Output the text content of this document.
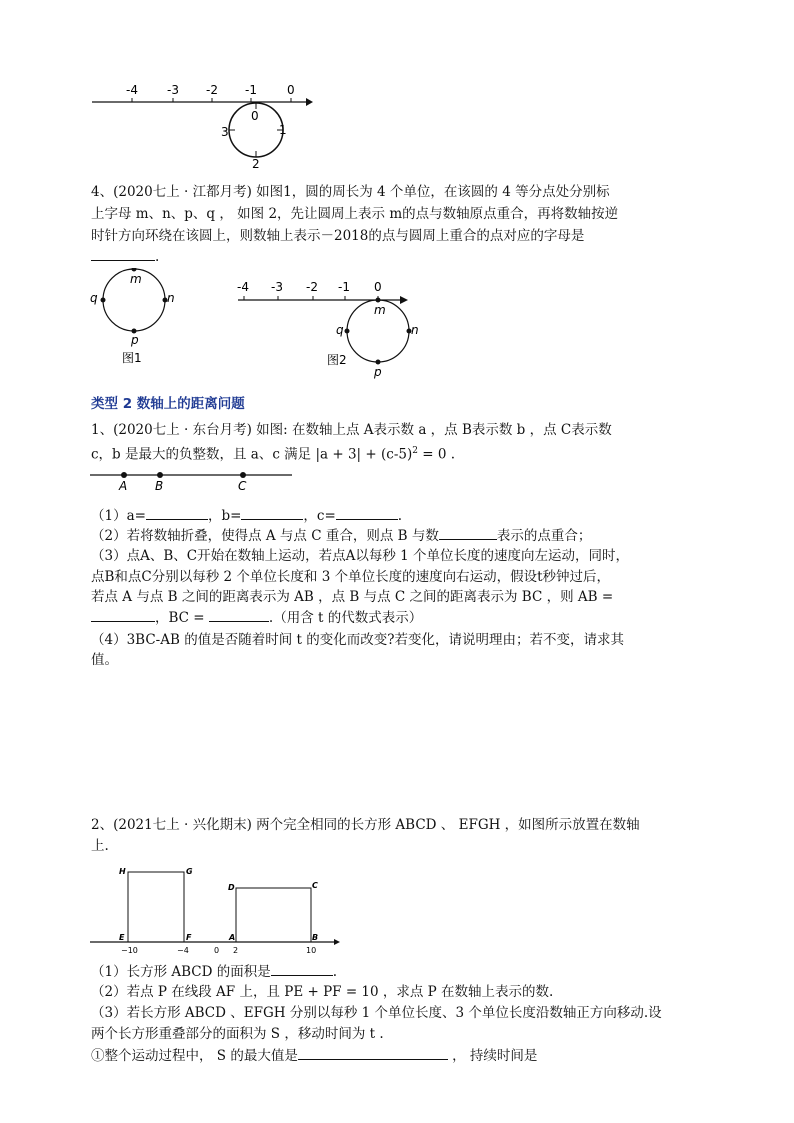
-4 -3 -2 -1	0
0
1
2
3
4、(2020七上 · 江都月考) 如图1，圆的周长为 4 个单位，在该圆的 4 等分点处分别标
上字母 m、n、p、q ， 如图 2，先让圆周上表示 m的点与数轴原点重合，再将数轴按逆
时针方向环绕在该圆上，则数轴上表示－2018的点与圆周上重合的点对应的字母是
.
m
n
p
q
图1
-4 -3 -2 -1 0
m
n
p
q
图2
类型 2 数轴上的距离问题
1、(2020七上 · 东台月考) 如图: 在数轴上点 A表示数 a ，点 B表示数 b ，点 C表示数
c，b 是最大的负整数，且 a、c 满足 $|a + 3| + (c-5)^2 = 0$ .
A B	C
（1）a=	，b=	，c=	.
（2）若将数轴折叠，使得点 A 与点 C 重合，则点 B 与数	表示的点重合；
（3）点A、B、C开始在数轴上运动，若点A以每秒 1 个单位长度的速度向左运动，同时，
点B和点C分别以每秒 2 个单位长度和 3 个单位长度的速度向右运动，假设t秒钟过后，
若点 A 与点 B 之间的距离表示为 AB ，点 B 与点 C 之间的距离表示为 BC ，则 AB =
，BC =	.（用含 t 的代数式表示）
（4）3BC-AB 的值是否随着时间 t 的变化而改变?若变化，请说明理由；若不变，请求其
值。
2、(2021七上 · 兴化期末) 两个完全相同的长方形 ABCD 、 EFGH ，如图所示放置在数轴
上.
H	G
E	F
D	C
A	B
−10	−4	0 2	10
（1）长方形 ABCD 的面积是	.
（2）若点 P 在线段 AF 上，且 PE + PF = 10 ，求点 P 在数轴上表示的数.
（3）若长方形 ABCD 、EFGH 分别以每秒 1 个单位长度、3 个单位长度沿数轴正方向移动.设
两个长方形重叠部分的面积为 S ，移动时间为 t .
①整个运动过程中， S 的最大值是	， 持续时间是
